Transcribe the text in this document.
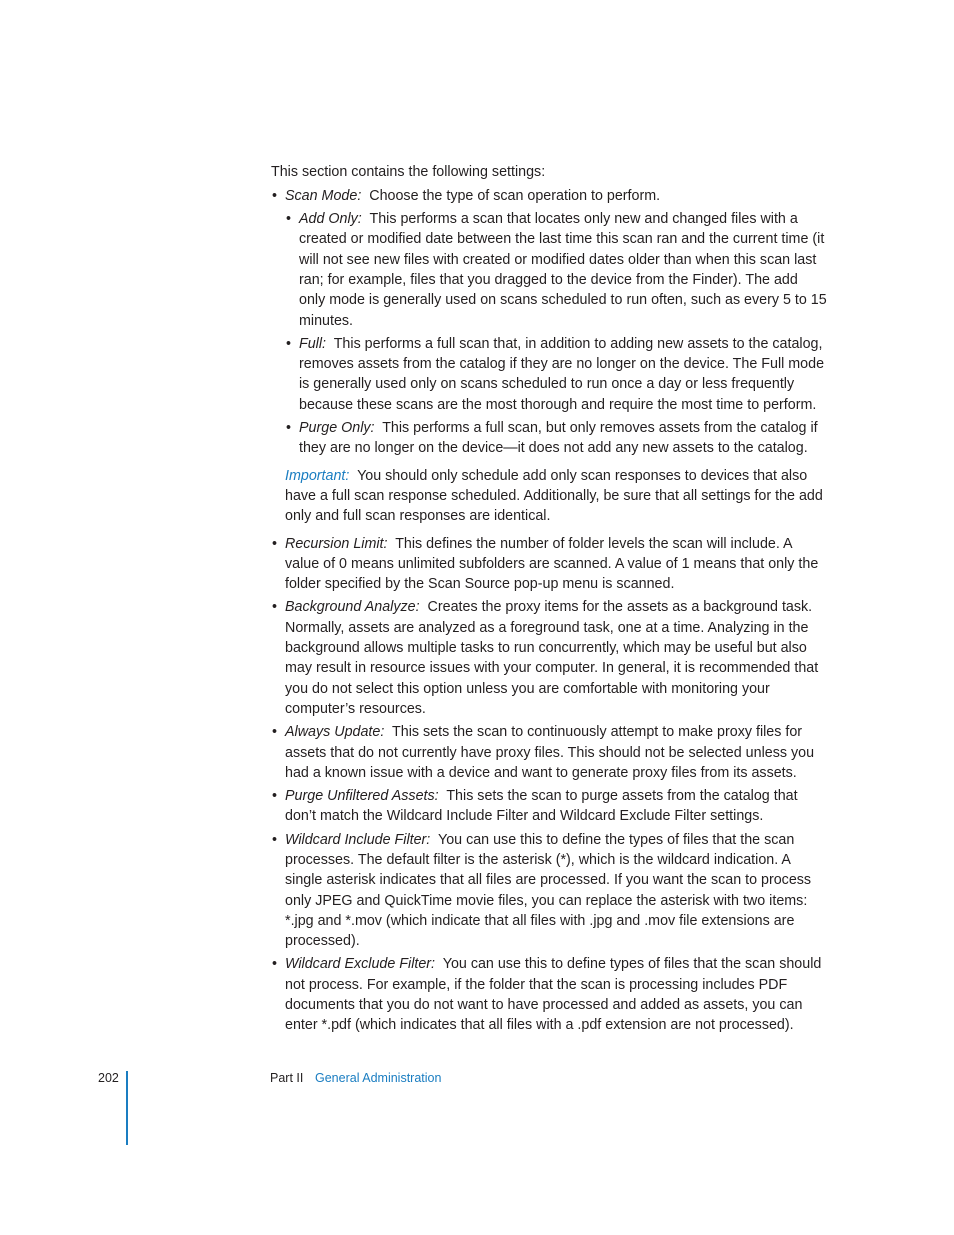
This section contains the following settings:

• Scan Mode: Choose the type of scan operation to perform.
• Add Only: This performs a scan that locates only new and changed files with a created or modified date between the last time this scan ran and the current time (it will not see new files with created or modified dates older than when this scan last ran; for example, files that you dragged to the device from the Finder). The add only mode is generally used on scans scheduled to run often, such as every 5 to 15 minutes.
• Full: This performs a full scan that, in addition to adding new assets to the catalog, removes assets from the catalog if they are no longer on the device. The Full mode is generally used only on scans scheduled to run once a day or less frequently because these scans are the most thorough and require the most time to perform.
• Purge Only: This performs a full scan, but only removes assets from the catalog if they are no longer on the device—it does not add any new assets to the catalog.

Important: You should only schedule add only scan responses to devices that also have a full scan response scheduled. Additionally, be sure that all settings for the add only and full scan responses are identical.

• Recursion Limit: This defines the number of folder levels the scan will include. A value of 0 means unlimited subfolders are scanned. A value of 1 means that only the folder specified by the Scan Source pop-up menu is scanned.
• Background Analyze: Creates the proxy items for the assets as a background task. Normally, assets are analyzed as a foreground task, one at a time. Analyzing in the background allows multiple tasks to run concurrently, which may be useful but also may result in resource issues with your computer. In general, it is recommended that you do not select this option unless you are comfortable with monitoring your computer’s resources.
• Always Update: This sets the scan to continuously attempt to make proxy files for assets that do not currently have proxy files. This should not be selected unless you had a known issue with a device and want to generate proxy files from its assets.
• Purge Unfiltered Assets: This sets the scan to purge assets from the catalog that don’t match the Wildcard Include Filter and Wildcard Exclude Filter settings.
• Wildcard Include Filter: You can use this to define the types of files that the scan processes. The default filter is the asterisk (*), which is the wildcard indication. A single asterisk indicates that all files are processed. If you want the scan to process only JPEG and QuickTime movie files, you can replace the asterisk with two items: *.jpg and *.mov (which indicate that all files with .jpg and .mov file extensions are processed).
• Wildcard Exclude Filter: You can use this to define types of files that the scan should not process. For example, if the folder that the scan is processing includes PDF documents that you do not want to have processed and added as assets, you can enter *.pdf (which indicates that all files with a .pdf extension are not processed).
202	Part II General Administration
